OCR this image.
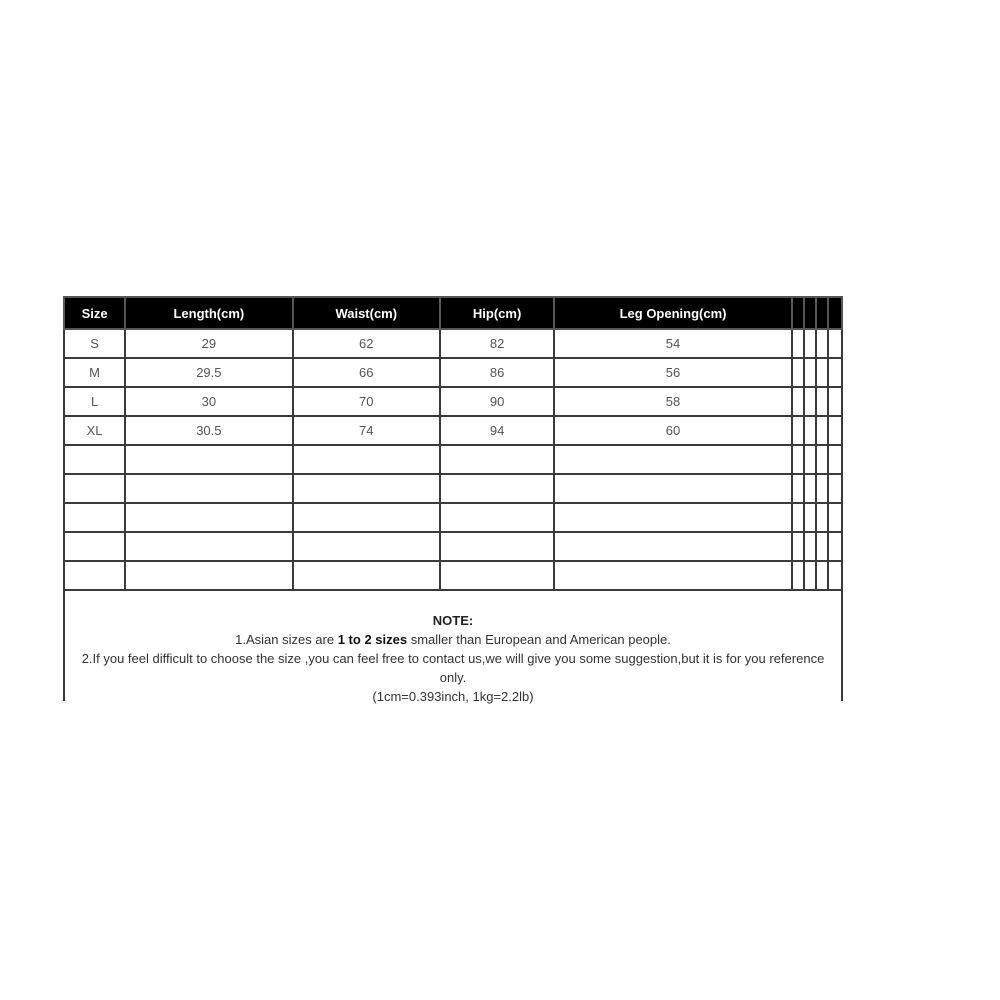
Size	Length(cm)	Waist(cm)	Hip(cm)	Leg Opening(cm)				
S	29	62	82	54				
M	29.5	66	86	56				
L	30	70	90	58				
XL	30.5	74	94	60				

NOTE:
1.Asian sizes are 1 to 2 sizes smaller than European and American people.
2.If you feel difficult to choose the size ,you can feel free to contact us,we will give you some suggestion,but it is for you reference only.
(1cm=0.393inch, 1kg=2.2lb)
